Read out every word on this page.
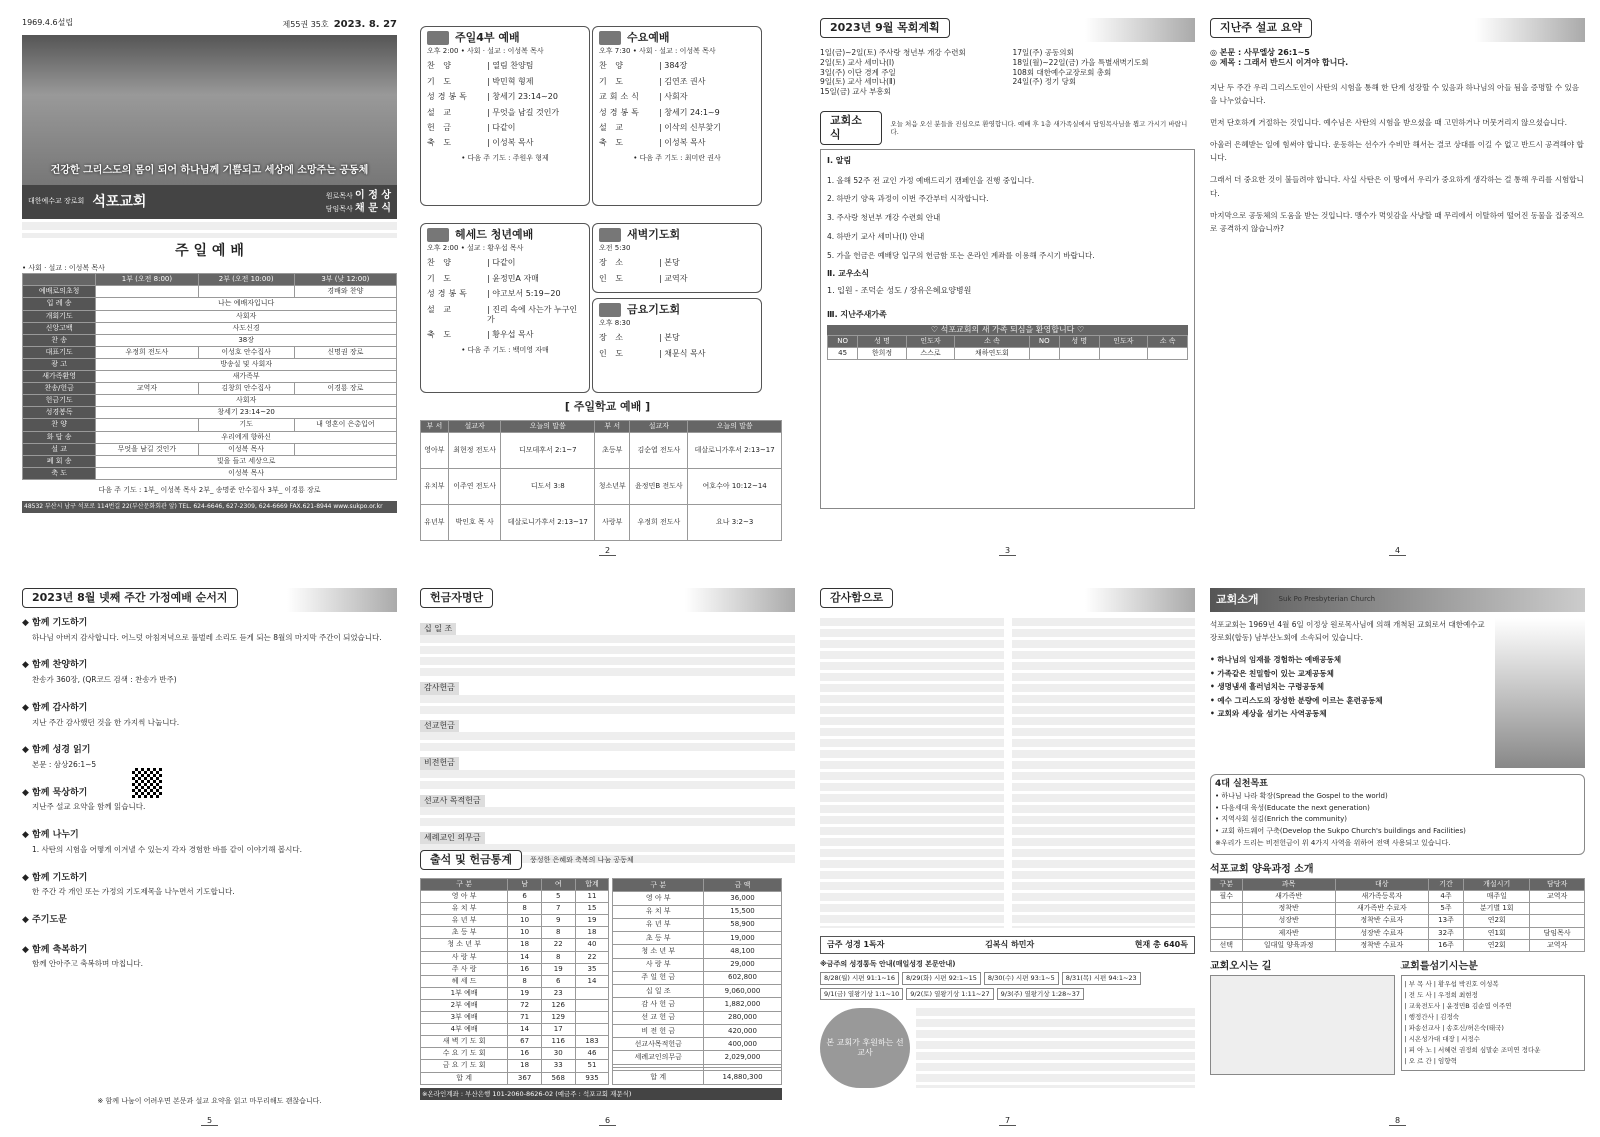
1969.4.6설립	제55권 35호 2023. 8. 27
건강한 그리스도의 몸이 되어 하나님께 기쁨되고 세상에 소망주는 공동체
대한예수교 장로회 석포교회	원로목사 이 정 상
담임목사 채 문 식
주 일 예 배
• 사회 · 설교 : 이성복 목사
	1부 (오전 8:00)	2부 (오전 10:00)	3부 (낮 12:00)
예배로의초청			경배와 찬양
입 례 송	나는 예배자입니다		
개회기도	사회자		
신앙고백	사도신경		
찬 송	38장		
대표기도	우정희 전도사	이성호 안수집사	신명권 장로
광 고	방송실 및 사회자		
새가족환영	새가족부		
찬송/헌금	교역자	김창희 안수집사	이경룡 장로
헌금기도	사회자		
성경봉독	창세기 23:14~20		
찬 양		기도	내 영혼이 은총입어
화 답 송	우리에게 향하신		
설 교	무엇을 남길 것인가	이성복 목사	
폐 회 송	빛을 들고 세상으로		
축 도	이성복 목사		
다음 주 기도 : 1부_ 이성복 목사 2부_ 송명준 안수집사 3부_ 이경룡 장로
48532 부산시 남구 석포로 114번길 22(부산문화회관 앞) TEL. 624-6646, 627-2309, 624-6669 FAX.621-8944 www.sukpo.or.kr
주일4부 예배
오후 2:00 • 사회 · 설교 : 이성복 목사
찬 양	| 열림 찬양팀
기 도	| 박민혁 형제
성경봉독	| 창세기 23:14~20
설 교	| 무엇을 남길 것인가
헌 금	| 다같이
축 도	| 이성복 목사
• 다음 주 기도 : 주원우 형제
수요예배
오후 7:30 • 사회 · 설교 : 이성복 목사
찬 양	| 384장
기 도	| 김연조 권사
교회소식	| 사회자
성경봉독	| 창세기 24:1~9
설 교	| 이삭의 신부찾기
축 도	| 이성복 목사
• 다음 주 기도 : 최미란 권사
헤세드 청년예배
오후 2:00 • 설교 : 황우섭 목사
찬 양	| 다같이
기 도	| 윤정민A 자매
성경봉독	| 야고보서 5:19~20
설 교	| 진리 속에 사는가 누구인가
축 도	| 황우섭 목사
• 다음 주 기도 : 백미영 자매
새벽기도회
오전 5:30
장 소	| 본당
인 도	| 교역자
금요기도회
오후 8:30
장 소	| 본당
인 도	| 채문식 목사
[ 주일학교 예배 ]
부 서	설교자	오늘의 말씀	부 서	설교자	오늘의 말씀
영아부	최현정 전도사	디모데후서 2:1~7	초등부	김순엽 전도사	데살로니가후서 2:13~17
유치부	이주연 전도사	디도서 3:8	청소년부	윤정민B 전도사	여호수아 10:12~14
유년부	박인호 목 사	데살로니가후서 2:13~17	사랑부	우정희 전도사	요나 3:2~3
2
2023년 9월 목회계획
1일(금)~2일(토) 주사랑 청년부 개강 수련회
2일(토) 교사 세미나(Ⅰ)
3일(주) 이단 경계 주일
9일(토) 교사 세미나(Ⅱ)
15일(금) 교사 부흥회
17일(주) 공동의회
18일(월)~22일(금) 가을 특별새벽기도회
108회 대한예수교장로회 총회
24일(주) 정기 당회
교회소식
오늘 처음 오신 분들을 진심으로 환영합니다. 예배 후 1층 새가족실에서 담임목사님을 뵙고 가시기 바랍니다.
Ⅰ. 알림
1. 올해 52주 전 교인 가정 예배드리기 캠페인을 진행 중입니다.
2. 하반기 양육 과정이 이번 주간부터 시작합니다.
3. 주사랑 청년부 개강 수련회 안내
4. 하반기 교사 세미나(Ⅰ) 안내
5. 가을 헌금은 예배당 입구의 헌금함 또는 온라인 계좌를 이용해 주시기 바랍니다.
Ⅱ. 교우소식
1. 입원 - 조덕순 성도 / 장유은혜요양병원
Ⅲ. 지난주새가족
♡ 석포교회의 새 가족 되심을 환영합니다 ♡
NO	성 명	인도자	소 속	NO	성 명	인도자	소 속
45	한희정	스스로	채하연도회				
3
지난주 설교 요약
◎ 본문 : 사무엘상 26:1~5
◎ 제목 : 그래서 반드시 이겨야 합니다.
지난 두 주간 우리 그리스도인이 사탄의 시험을 통해 한 단계 성장할 수 있음과 하나님의 아들 됨을 증명할 수 있음을 나누었습니다.
먼저 단호하게 거절하는 것입니다. 예수님은 사탄의 시험을 받으셨을 때 고민하거나 머뭇거리지 않으셨습니다.
아울러 은혜받는 일에 힘써야 합니다. 운동하는 선수가 수비만 해서는 결코 상대를 이길 수 없고 반드시 공격해야 합니다.
그래서 더 중요한 것이 불들려야 합니다. 사실 사탄은 이 땅에서 우리가 중요하게 생각하는 걸 통해 우리를 시험합니다.
마지막으로 공동체의 도움을 받는 것입니다. 맹수가 먹잇감을 사냥할 때 무리에서 이탈하여 떨어진 동물을 집중적으로 공격하지 않습니까?
4
2023년 8월 넷째 주간 가정예배 순서지
◆ 함께 기도하기
하나님 아버지 감사합니다. 어느덧 아침저녁으로 풀벌레 소리도 듣게 되는 8월의 마지막 주간이 되었습니다.
◆ 함께 찬양하기
찬송가 360장, (QR코드 검색 : 찬송가 반주)
◆ 함께 감사하기
지난 주간 감사했던 것을 한 가지씩 나눕니다.
◆ 함께 성경 읽기
본문 : 삼상26:1~5
◆ 함께 묵상하기
지난주 설교 요약을 함께 읽습니다.
◆ 함께 나누기
1. 사탄의 시험을 어떻게 이겨낼 수 있는지 각자 경험한 바를 같이 이야기해 봅시다.
◆ 함께 기도하기
한 주간 각 개인 또는 가정의 기도제목을 나누면서 기도합니다.
◆ 주기도문
◆ 함께 축복하기
함께 안아주고 축복하며 마칩니다.
※ 함께 나눔이 어려우면 본문과 설교 요약을 읽고 마무리해도 괜찮습니다.
5
헌금자명단
십 일 조
감사헌금
선교헌금
비전헌금
선교사 목적헌금
세례교인 의무금
출석 및 헌금통계	풍성한 은혜와 축복의 나눔 공동체
구 분	남	여	합계
영 아 부	6	5	11
유 치 부	8	7	15
유 년 부	10	9	19
초 등 부	10	8	18
청 소 년 부	18	22	40
사 랑 부	14	8	22
주 사 랑	16	19	35
헤 세 드	8	6	14
1부 예배	19	23	
2부 예배	72	126	
3부 예배	71	129	
4부 예배	14	17	
새 벽 기 도 회	67	116	183
수 요 기 도 회	16	30	46
금 요 기 도 회	18	33	51
합 계	367	568	935
구 분	금 액
영 아 부	36,000
유 치 부	15,500
유 년 부	58,900
초 등 부	19,000
청 소 년 부	48,100
사 랑 부	29,000
주 일 헌 금	602,800
십 일 조	9,060,000
감 사 헌 금	1,882,000
선 교 헌 금	280,000
비 전 헌 금	420,000
선교사목적헌금	400,000
세례교인의무금	2,029,000

합 계	14,880,300
※온라인계좌 : 부산은행 101-2060-8626-02 (예금주 : 석포교회 재문식)
6
감사함으로
금주 성경 1독자	김복식 하민자	현재 총 640독
※금주의 성경통독 안내(매일성경 본문안내)
8/28(월) 시편 91:1~16	8/29(화) 시편 92:1~15	8/30(수) 시편 93:1~5	8/31(목) 시편 94:1~23
9/1(금) 열왕기상 1:1~10	9/2(토) 열왕기상 1:11~27	9/3(주) 열왕기상 1:28~37
본 교회가 후원하는 선교사
7
교회소개	Suk Po Presbyterian Church
석포교회는 1969년 4월 6일 이정상 원로목사님에 의해 개척된 교회로서 대한예수교 장로회(합동) 남부산노회에 소속되어 있습니다.
• 하나님의 임재를 경험하는 예배공동체
• 가족같은 친밀함이 있는 교제공동체
• 생명냄새 흘러넘치는 구령공동체
• 예수 그리스도의 장성한 분량에 이르는 훈련공동체
• 교회와 세상을 섬기는 사역공동체
4대 실천목표
• 하나님 나라 확장(Spread the Gospel to the world)
• 다음세대 육성(Educate the next generation)
• 지역사회 섬김(Enrich the community)
• 교회 하드웨어 구축(Develop the Sukpo Church's buildings and Facilities)
※우리가 드리는 비전헌금이 위 4가지 사역을 위하여 전액 사용되고 있습니다.
석포교회 양육과정 소개
구분	과목	대상	기간	개설시기	담당자
필수	새가족반	새가족등록자	4주	매주일	교역자
	정착반	새가족반 수료자	5주	분기별 1회	
	성장반	정착반 수료자	13주	연2회	
	제자반	성장반 수료자	32주	연1회	담임목사
선택	일대일 양육과정	정착반 수료자	16주	연2회	교역자
교회오시는 길	교회를섬기시는분
| 부 목 사 | 황우섭 박진호 이성복
| 전 도 사 | 우정희 최현정
| 교육전도사 | 윤정민B 김순엽 이주연
| 행정간사 | 김정숙
| 파송선교사 | 송호신/허은숙(태국)
| 시온성가대 대장 | 서정수
| 피 아 노 | 서혜련 권정희 심말순 조미연 정다운
| 오 르 간 | 임향혁
8
